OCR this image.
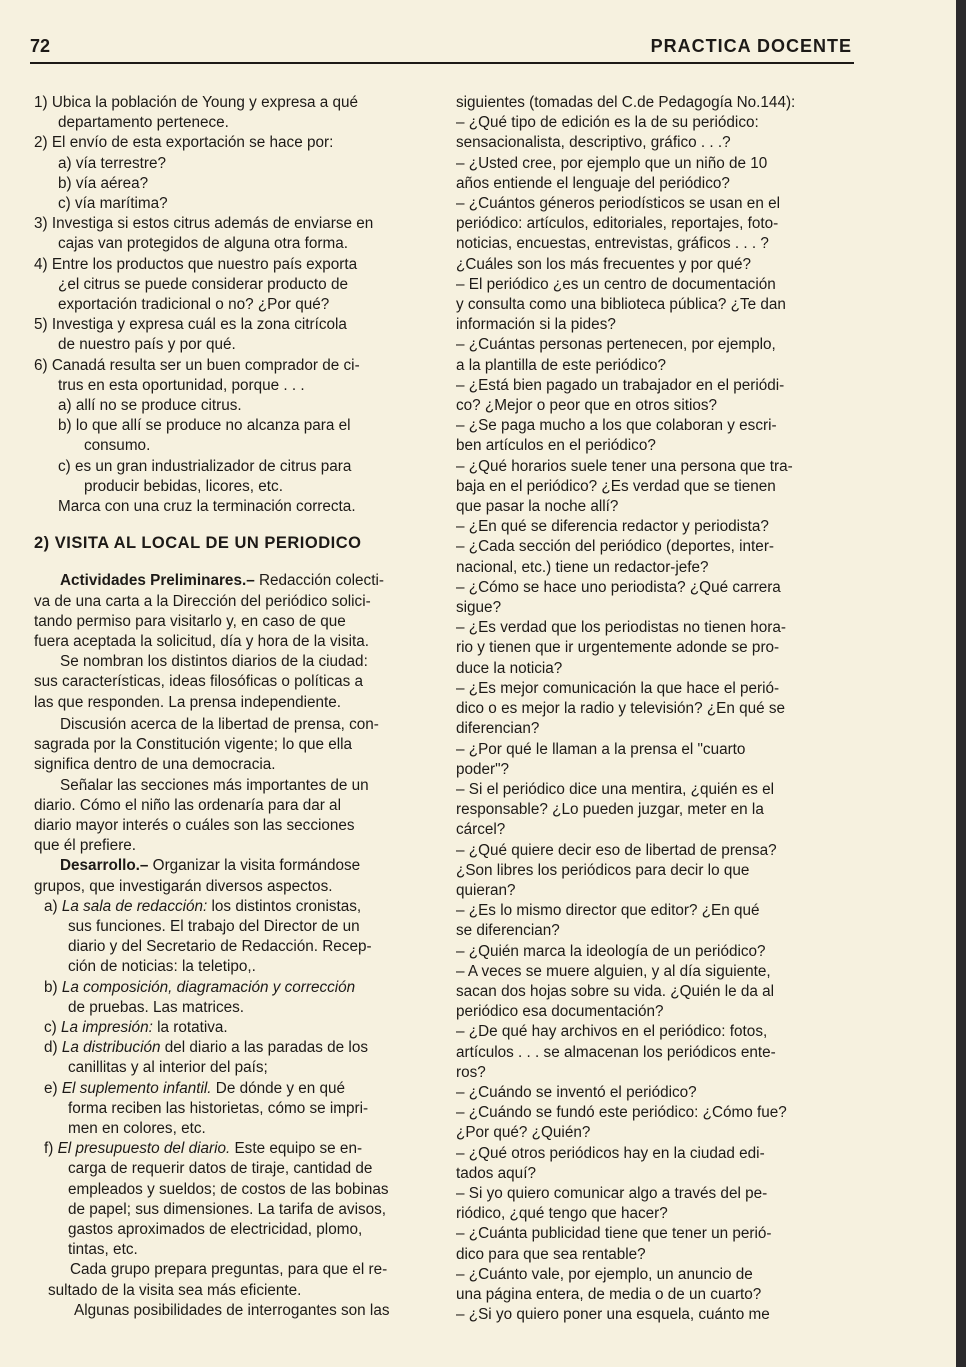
72	PRACTICA DOCENTE
1) Ubica la población de Young y expresa a qué
departamento pertenece.
2) El envío de esta exportación se hace por:
a) vía terrestre?
b) vía aérea?
c) vía marítima?
3) Investiga si estos citrus además de enviarse en
cajas van protegidos de alguna otra forma.
4) Entre los productos que nuestro país exporta
¿el citrus se puede considerar producto de
exportación tradicional o no? ¿Por qué?
5) Investiga y expresa cuál es la zona citrícola
de nuestro país y por qué.
6) Canadá resulta ser un buen comprador de ci-
trus en esta oportunidad, porque . . .
a) allí no se produce citrus.
b) lo que allí se produce no alcanza para el
consumo.
c) es un gran industrializador de citrus para
producir bebidas, licores, etc.
Marca con una cruz la terminación correcta.
2) VISITA AL LOCAL DE UN PERIODICO
Actividades Preliminares.– Redacción colecti-
va de una carta a la Dirección del periódico solici-
tando permiso para visitarlo y, en caso de que
fuera aceptada la solicitud, día y hora de la visita.
Se nombran los distintos diarios de la ciudad:
sus características, ideas filosóficas o políticas a
las que responden. La prensa independiente.
Discusión acerca de la libertad de prensa, con-
sagrada por la Constitución vigente; lo que ella
significa dentro de una democracia.
Señalar las secciones más importantes de un
diario. Cómo el niño las ordenaría para dar al
diario mayor interés o cuáles son las secciones
que él prefiere.
Desarrollo.– Organizar la visita formándose
grupos, que investigarán diversos aspectos.
a) La sala de redacción: los distintos cronistas,
sus funciones. El trabajo del Director de un
diario y del Secretario de Redacción. Recep-
ción de noticias: la teletipo,.
b) La composición, diagramación y corrección
de pruebas. Las matrices.
c) La impresión: la rotativa.
d) La distribución del diario a las paradas de los
canillitas y al interior del país;
e) El suplemento infantil. De dónde y en qué
forma reciben las historietas, cómo se impri-
men en colores, etc.
f) El presupuesto del diario. Este equipo se en-
carga de requerir datos de tiraje, cantidad de
empleados y sueldos; de costos de las bobinas
de papel; sus dimensiones. La tarifa de avisos,
gastos aproximados de electricidad, plomo,
tintas, etc.
Cada grupo prepara preguntas, para que el re-
sultado de la visita sea más eficiente.
Algunas posibilidades de interrogantes son las
siguientes (tomadas del C.de Pedagogía No.144):
– ¿Qué tipo de edición es la de su periódico:
sensacionalista, descriptivo, gráfico . . .?
– ¿Usted cree, por ejemplo que un niño de 10
años entiende el lenguaje del periódico?
– ¿Cuántos géneros periodísticos se usan en el
periódico: artículos, editoriales, reportajes, foto-
noticias, encuestas, entrevistas, gráficos . . . ?
¿Cuáles son los más frecuentes y por qué?
– El periódico ¿es un centro de documentación
y consulta como una biblioteca pública? ¿Te dan
información si la pides?
– ¿Cuántas personas pertenecen, por ejemplo,
a la plantilla de este periódico?
– ¿Está bien pagado un trabajador en el periódi-
co? ¿Mejor o peor que en otros sitios?
– ¿Se paga mucho a los que colaboran y escri-
ben artículos en el periódico?
– ¿Qué horarios suele tener una persona que tra-
baja en el periódico? ¿Es verdad que se tienen
que pasar la noche allí?
– ¿En qué se diferencia redactor y periodista?
– ¿Cada sección del periódico (deportes, inter-
nacional, etc.) tiene un redactor-jefe?
– ¿Cómo se hace uno periodista? ¿Qué carrera
sigue?
– ¿Es verdad que los periodistas no tienen hora-
rio y tienen que ir urgentemente adonde se pro-
duce la noticia?
– ¿Es mejor comunicación la que hace el perió-
dico o es mejor la radio y televisión? ¿En qué se
diferencian?
– ¿Por qué le llaman a la prensa el "cuarto
poder"?
– Si el periódico dice una mentira, ¿quién es el
responsable? ¿Lo pueden juzgar, meter en la
cárcel?
– ¿Qué quiere decir eso de libertad de prensa?
¿Son libres los periódicos para decir lo que
quieran?
– ¿Es lo mismo director que editor? ¿En qué
se diferencian?
– ¿Quién marca la ideología de un periódico?
– A veces se muere alguien, y al día siguiente,
sacan dos hojas sobre su vida. ¿Quién le da al
periódico esa documentación?
– ¿De qué hay archivos en el periódico: fotos,
artículos . . . se almacenan los periódicos ente-
ros?
– ¿Cuándo se inventó el periódico?
– ¿Cuándo se fundó este periódico: ¿Cómo fue?
¿Por qué? ¿Quién?
– ¿Qué otros periódicos hay en la ciudad edi-
tados aquí?
– Si yo quiero comunicar algo a través del pe-
riódico, ¿qué tengo que hacer?
– ¿Cuánta publicidad tiene que tener un perió-
dico para que sea rentable?
– ¿Cuánto vale, por ejemplo, un anuncio de
una página entera, de media o de un cuarto?
– ¿Si yo quiero poner una esquela, cuánto me
